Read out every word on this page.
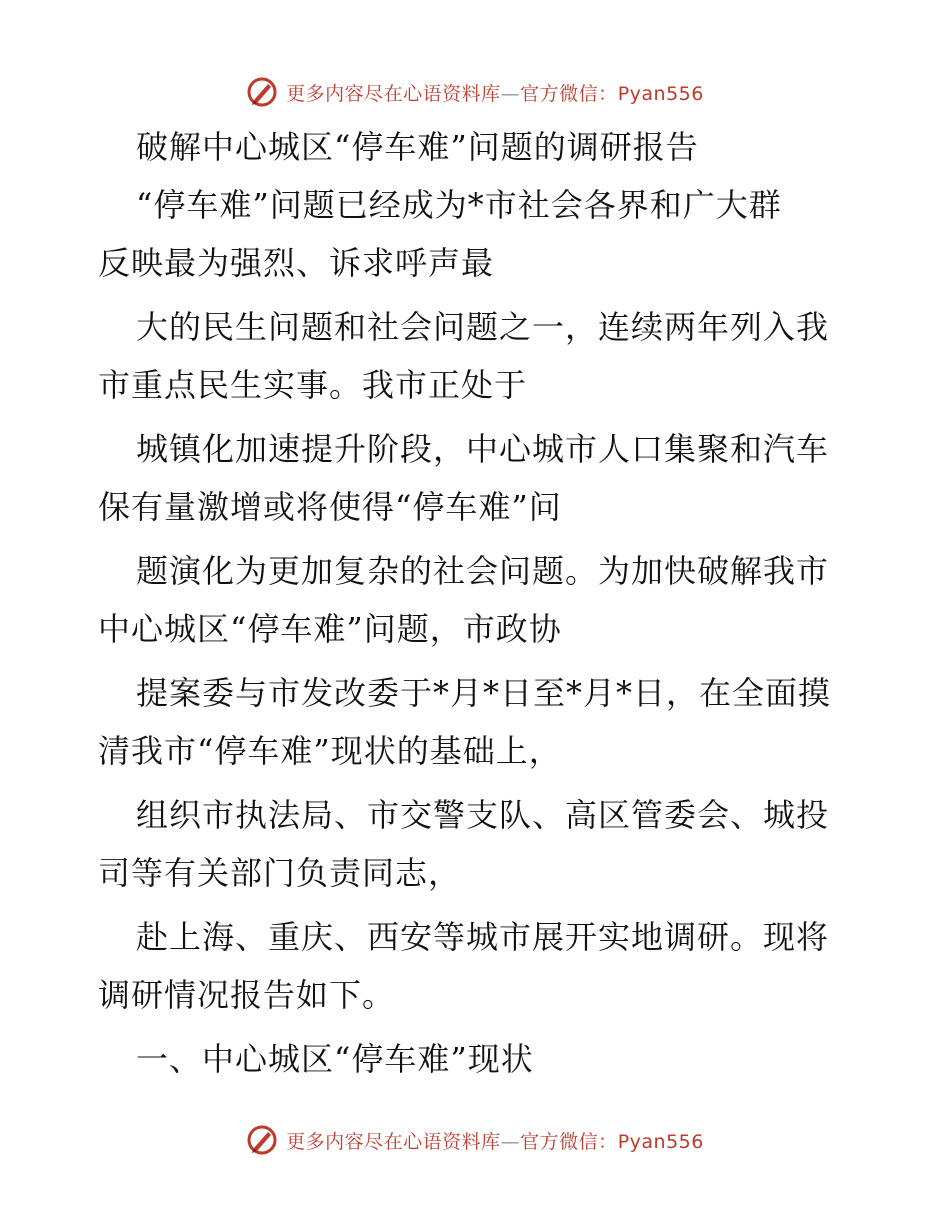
更多内容尽在心语资料库—官方微信：Pyan556
破解中心城区“停车难”问题的调研报告
“停车难”问题已经成为*市社会各界和广大群
反映最为强烈、诉求呼声最
大的民生问题和社会问题之一，连续两年列入我
市重点民生实事。我市正处于
城镇化加速提升阶段，中心城市人口集聚和汽车
保有量激增或将使得“停车难”问
题演化为更加复杂的社会问题。为加快破解我市
中心城区“停车难”问题，市政协
提案委与市发改委于*月*日至*月*日，在全面摸
清我市“停车难”现状的基础上，
组织市执法局、市交警支队、高区管委会、城投
司等有关部门负责同志，
赴上海、重庆、西安等城市展开实地调研。现将
调研情况报告如下。
一、中心城区“停车难”现状
更多内容尽在心语资料库—官方微信：Pyan556
